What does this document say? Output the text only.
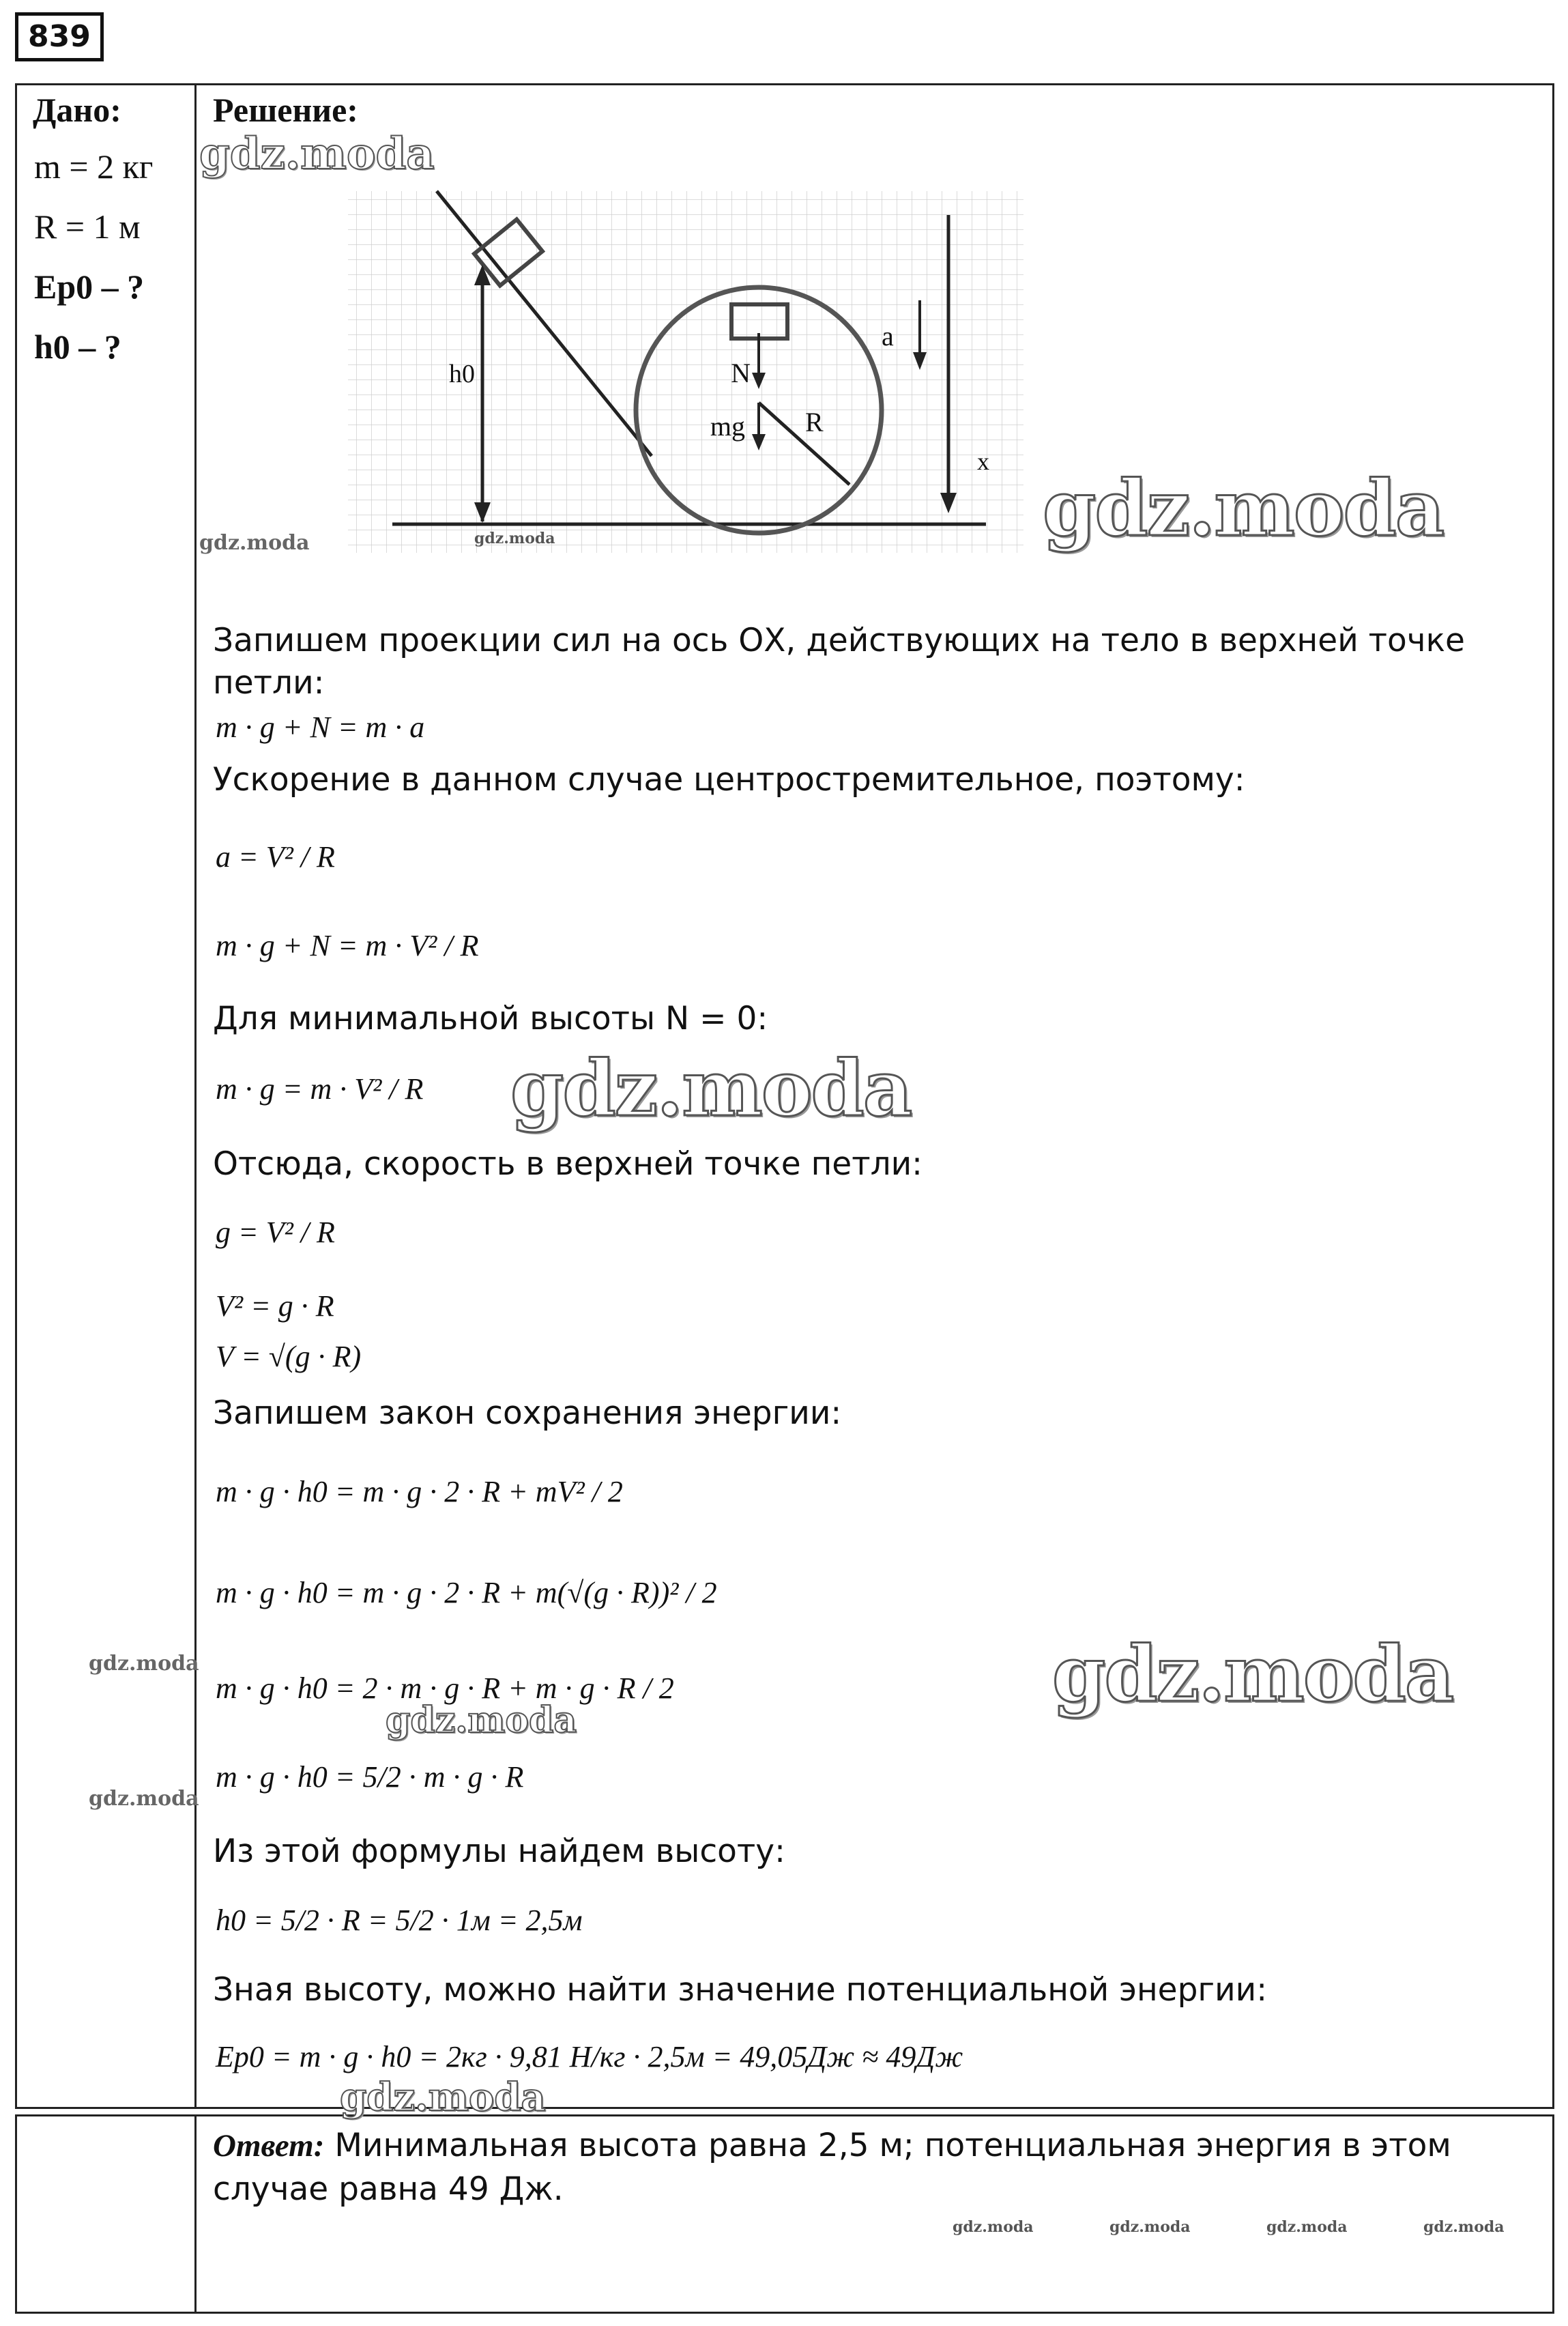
839
Дано:
m = 2 кг
R = 1 м
Ep0 – ?
h0 – ?
Решение:
h0	N
mg R
a
x
Запишем проекции сил на ось ОХ, действующих на тело в верхней точке петли:
m · g + N = m · a
Ускорение в данном случае центростремительное, поэтому:
a = V² / R
m · g + N = m · V² / R
Для минимальной высоты N = 0:
m · g = m · V² / R
Отсюда, скорость в верхней точке петли:
g = V² / R
V² = g · R
V = √(g · R)
Запишем закон сохранения энергии:
m · g · h0 = m · g · 2 · R + mV² / 2
m · g · h0 = m · g · 2 · R + m(√(g · R))² / 2
m · g · h0 = 2 · m · g · R + m · g · R / 2
m · g · h0 = 5/2 · m · g · R
Из этой формулы найдем высоту:
h0 = 5/2 · R = 5/2 · 1м = 2,5м
Зная высоту, можно найти значение потенциальной энергии:
Ep0 = m · g · h0 = 2кг · 9,81 Н/кг · 2,5м = 49,05Дж ≈ 49Дж
Ответ: Минимальная высота равна 2,5 м; потенциальная энергия в этом случае равна 49 Дж.
gdz.moda
gdz.moda
gdz.moda	gdz.moda
gdz.moda
gdz.moda
gdz.moda
gdz.moda
gdz.moda
gdz.moda
gdz.moda	gdz.moda	gdz.moda	gdz.moda
